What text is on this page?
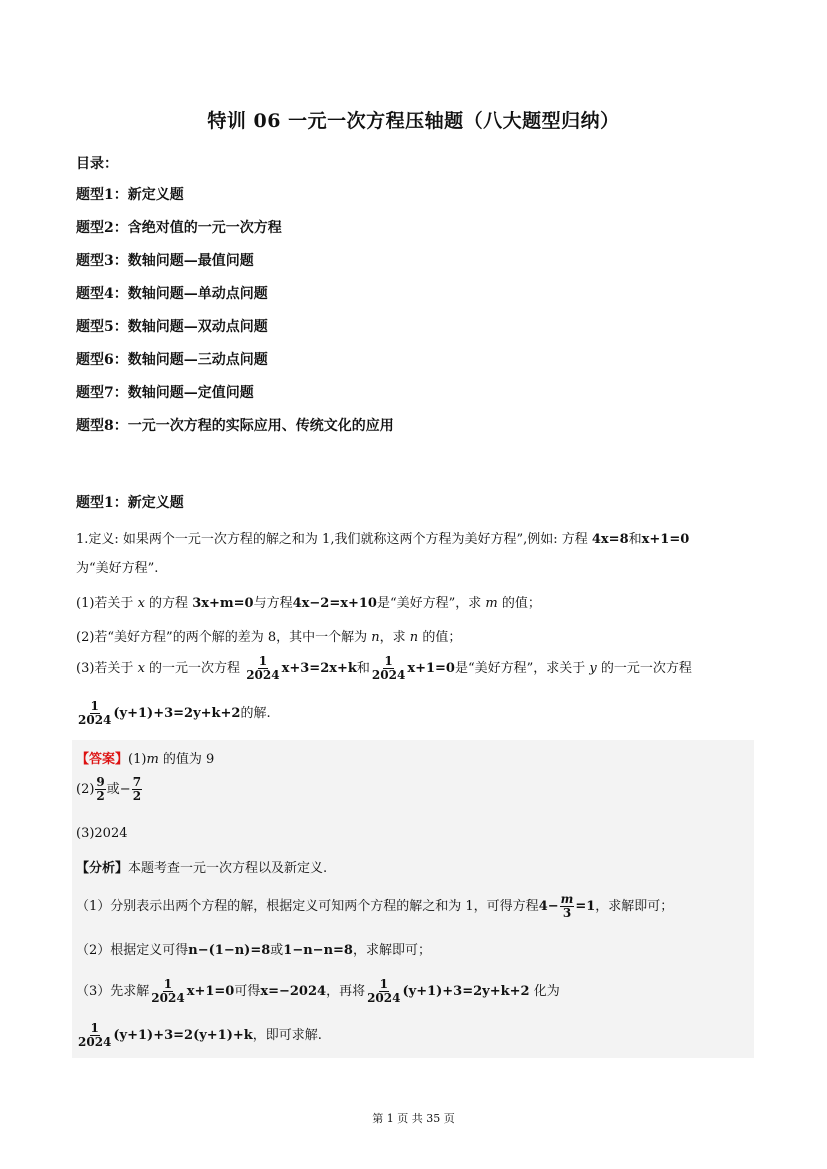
特训 06 一元一次方程压轴题（八大题型归纳）
目录：
题型1：新定义题
题型2：含绝对值的一元一次方程
题型3：数轴问题—最值问题
题型4：数轴问题—单动点问题
题型5：数轴问题—双动点问题
题型6：数轴问题—三动点问题
题型7：数轴问题—定值问题
题型8：一元一次方程的实际应用、传统文化的应用
题型1：新定义题
1.定义: 如果两个一元一次方程的解之和为 1,我们就称这两个方程为美好方程”,例如: 方程 4x=8和x+1=0
为“美好方程”.
(1)若关于 x 的方程 3x+m=0与方程4x−2=x+10是“美好方程”，求 m 的值；
(2)若“美好方程”的两个解的差为 8，其中一个解为 n，求 n 的值；
(3)若关于 x 的一元一次方程 $\frac{1}{2024} x+3=2x+k$和 $\frac{1}{2024} x+1=0$是“美好方程”，求关于 y 的一元一次方程
$\frac{1}{2024} (y+1)+3=2y+k+2$的解.
【答案】(1)m 的值为 9
$(2) \frac{9}{2}$ 或− $\frac{7}{2}$
(3)2024
【分析】本题考查一元一次方程以及新定义.
（1）分别表示出两个方程的解，根据定义可知两个方程的解之和为 1，可得方程$4- \frac{m}{3} =1$，求解即可；
（2）根据定义可得n−(1−n)=8或1−n−n=8，求解即可；
（3）先求解 $\frac{1}{2024} x+1=0$可得x=−2024，再将 $\frac{1}{2024} (y+1)+3=2y+k+2$ 化为
$\frac{1}{2024} (y+1)+3=2(y+1)+k$，即可求解.
第 1 页 共 35 页
